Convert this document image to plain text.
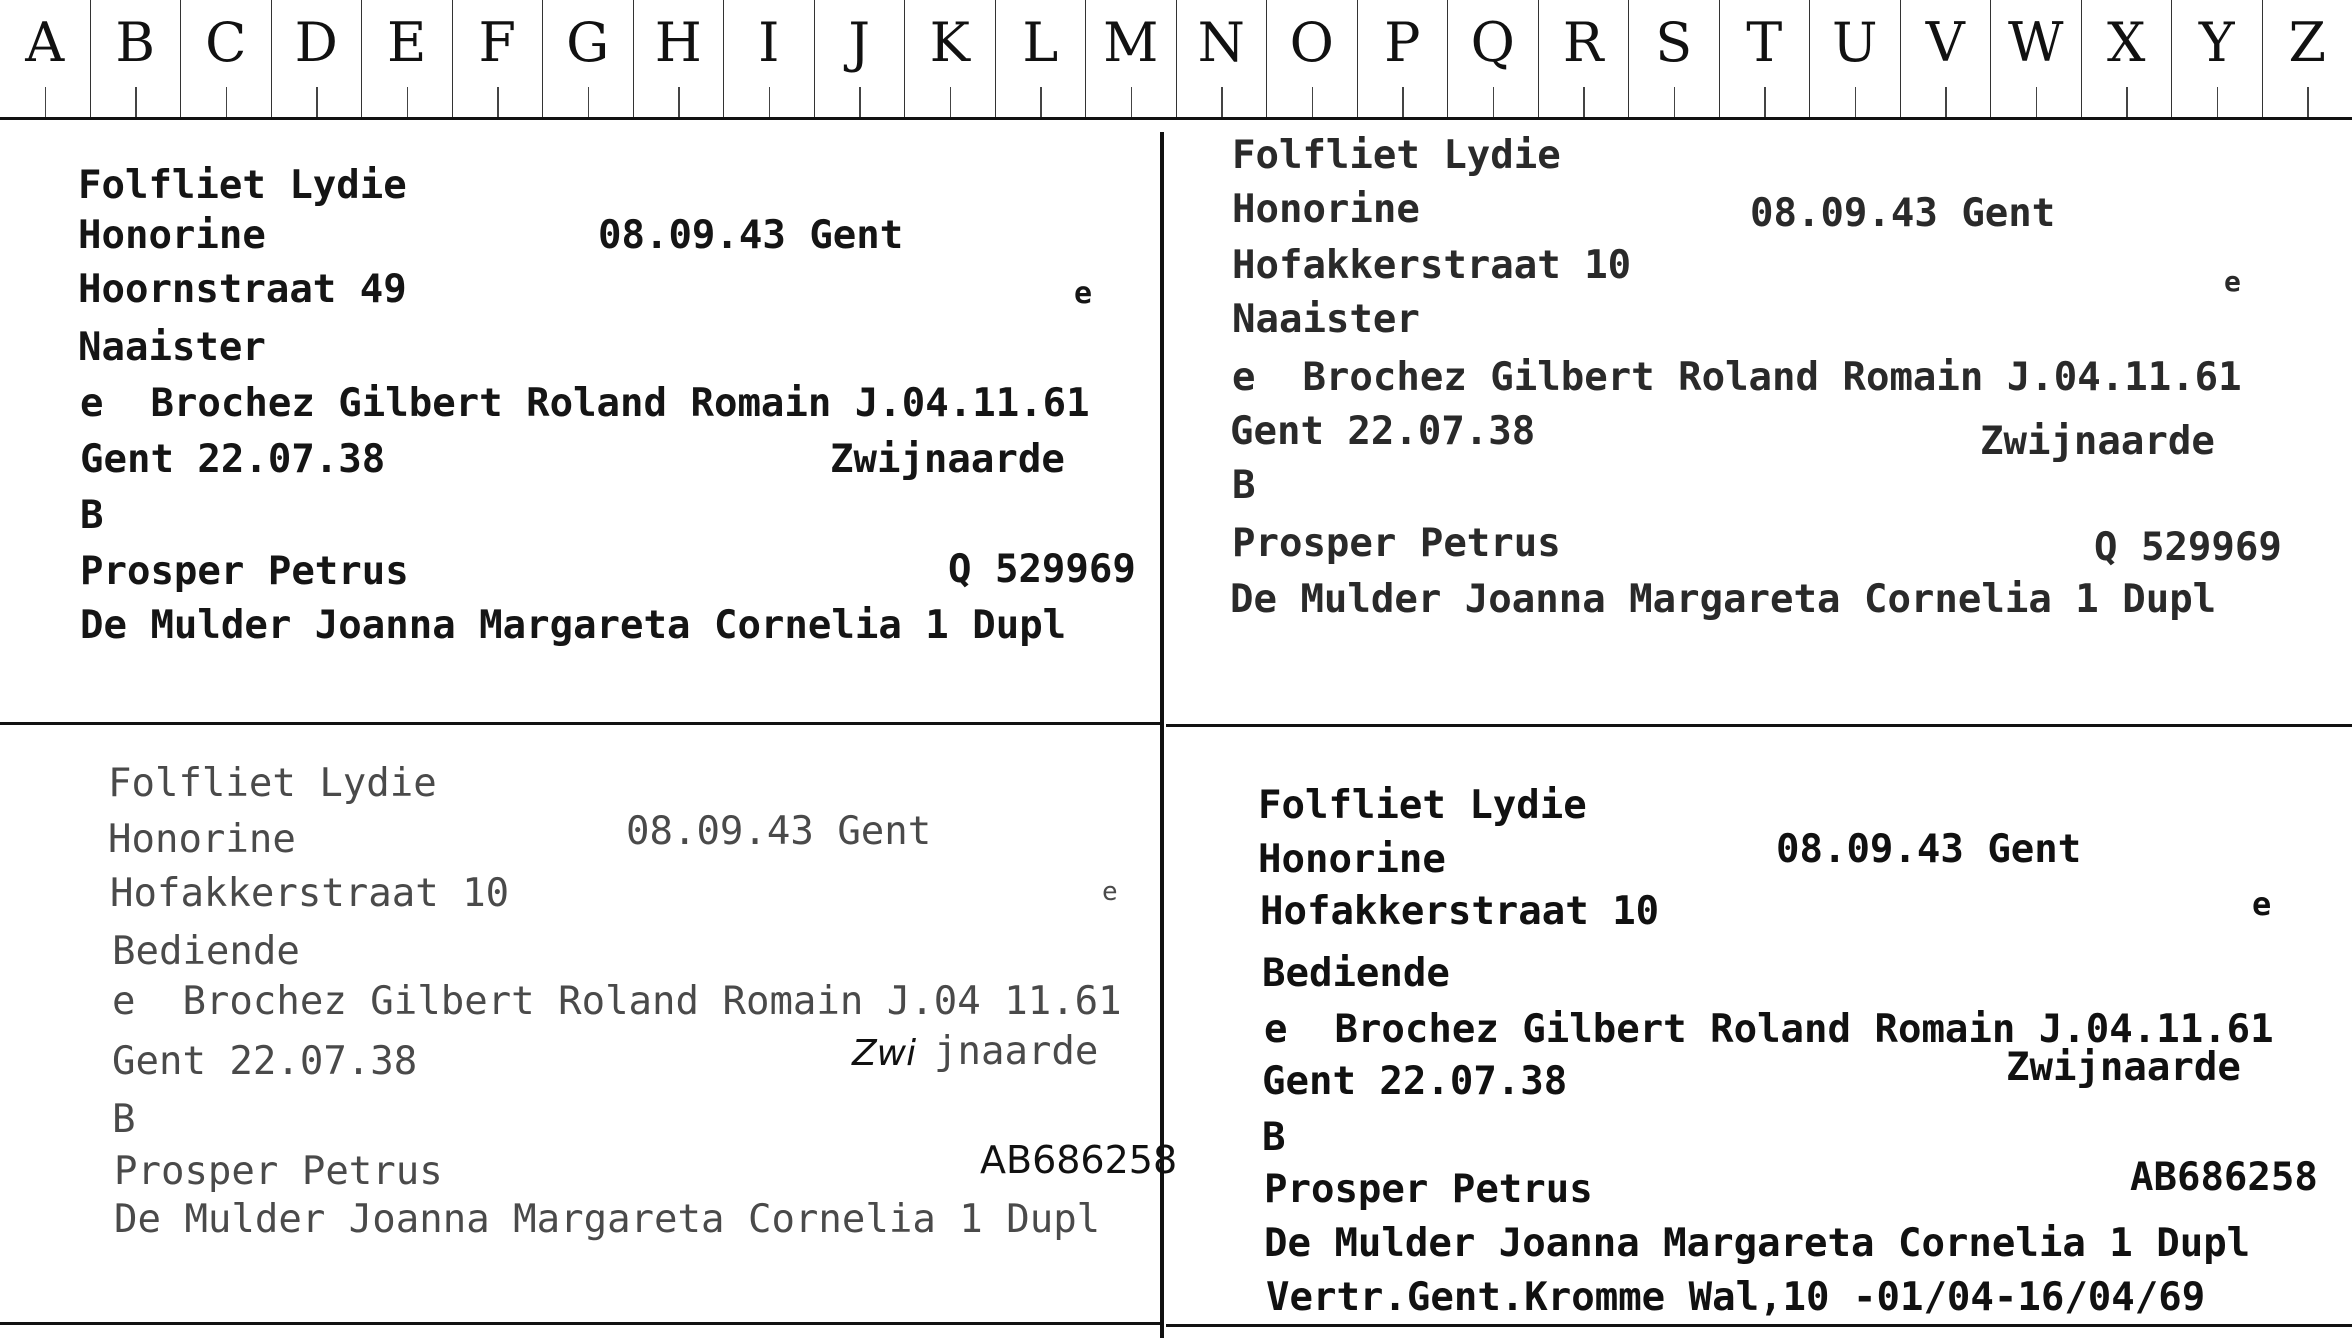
A B C D E F G H	I	J	K L M N O P Q R S T U V W X Y Z
Folfliet Lydie
Honorine	08.09.43 Gent
Hoornstraat 49	e
Naaister
e  Brochez Gilbert Roland Romain J.04.11.61
Gent 22.07.38	Zwijnaarde
B
Prosper Petrus	Q 529969
De Mulder Joanna Margareta Cornelia 1 Dupl
Folfliet Lydie
Honorine	08.09.43 Gent
Hofakkerstraat 10	e
Naaister
e  Brochez Gilbert Roland Romain J.04.11.61
Gent 22.07.38	Zwijnaarde
B
Prosper Petrus	Q 529969
De Mulder Joanna Margareta Cornelia 1 Dupl
Folfliet Lydie
Honorine	08.09.43 Gent
Hofakkerstraat 10	e
Bediende
e  Brochez Gilbert Roland Romain J.04 11.61
Gent 22.07.38	Zwi jnaarde
B
Prosper Petrus	AB686258
De Mulder Joanna Margareta Cornelia 1 Dupl
Folfliet Lydie
Honorine	08.09.43 Gent
Hofakkerstraat 10	e
Bediende
e  Brochez Gilbert Roland Romain J.04.11.61
Gent 22.07.38	Zwijnaarde
B
Prosper Petrus	AB686258
De Mulder Joanna Margareta Cornelia 1 Dupl
Vertr.Gent.Kromme Wal,10 -01/04-16/04/69
